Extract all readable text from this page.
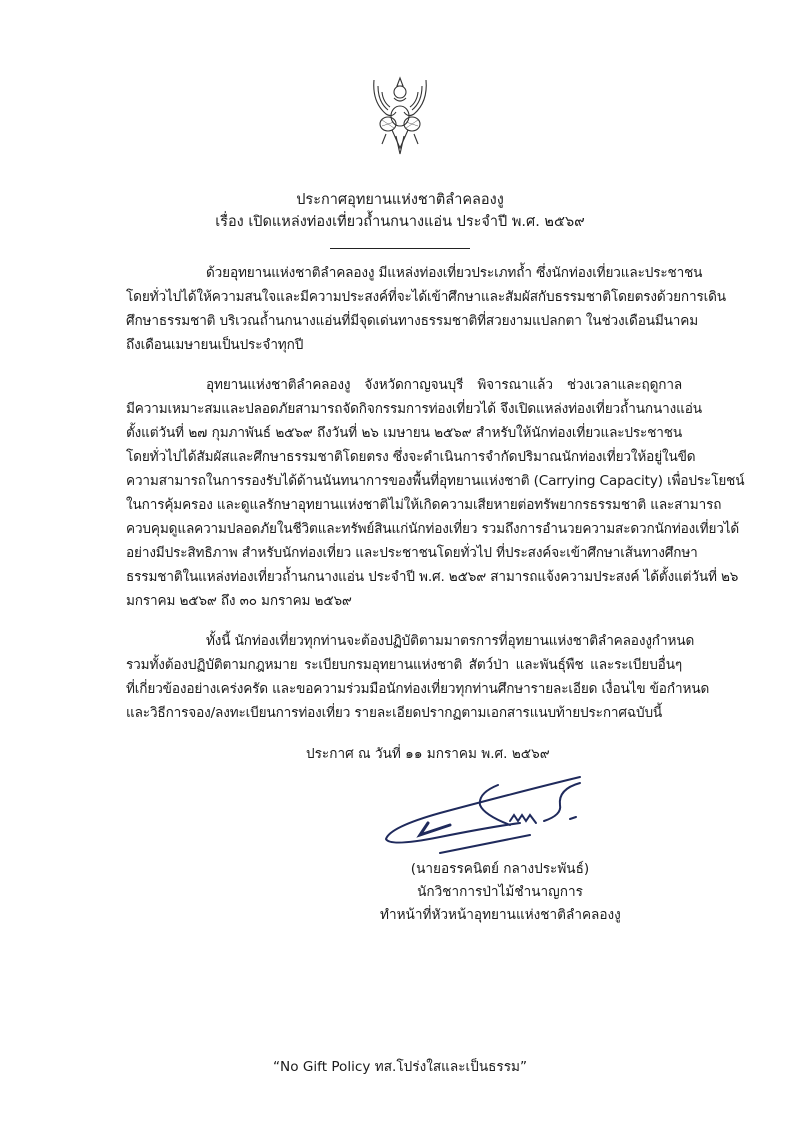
ประกาศอุทยานแห่งชาติลำคลองงู
เรื่อง เปิดแหล่งท่องเที่ยวถ้ำนกนางแอ่น ประจำปี พ.ศ. ๒๕๖๙
ด้วยอุทยานแห่งชาติลำคลองงู มีแหล่งท่องเที่ยวประเภทถ้ำ ซึ่งนักท่องเที่ยวและประชาชน
โดยทั่วไปได้ให้ความสนใจและมีความประสงค์ที่จะได้เข้าศึกษาและสัมผัสกับธรรมชาติโดยตรงด้วยการเดิน
ศึกษาธรรมชาติ บริเวณถ้ำนกนางแอ่นที่มีจุดเด่นทางธรรมชาติที่สวยงามแปลกตา ในช่วงเดือนมีนาคม
ถึงเดือนเมษายนเป็นประจำทุกปี
อุทยานแห่งชาติลำคลองงู จังหวัดกาญจนบุรี พิจารณาแล้ว ช่วงเวลาและฤดูกาล
มีความเหมาะสมและปลอดภัยสามารถจัดกิจกรรมการท่องเที่ยวได้ จึงเปิดแหล่งท่องเที่ยวถ้ำนกนางแอ่น
ตั้งแต่วันที่ ๒๗ กุมภาพันธ์ ๒๕๖๙ ถึงวันที่ ๒๖ เมษายน ๒๕๖๙ สำหรับให้นักท่องเที่ยวและประชาชน
โดยทั่วไปได้สัมผัสและศึกษาธรรมชาติโดยตรง ซึ่งจะดำเนินการจำกัดปริมาณนักท่องเที่ยวให้อยู่ในขีด
ความสามารถในการรองรับได้ด้านนันทนาการของพื้นที่อุทยานแห่งชาติ (Carrying Capacity) เพื่อประโยชน์
ในการคุ้มครอง และดูแลรักษาอุทยานแห่งชาติไม่ให้เกิดความเสียหายต่อทรัพยากรธรรมชาติ และสามารถ
ควบคุมดูแลความปลอดภัยในชีวิตและทรัพย์สินแก่นักท่องเที่ยว รวมถึงการอำนวยความสะดวกนักท่องเที่ยวได้
อย่างมีประสิทธิภาพ สำหรับนักท่องเที่ยว และประชาชนโดยทั่วไป ที่ประสงค์จะเข้าศึกษาเส้นทางศึกษา
ธรรมชาติในแหล่งท่องเที่ยวถ้ำนกนางแอ่น ประจำปี พ.ศ. ๒๕๖๙ สามารถแจ้งความประสงค์ ได้ตั้งแต่วันที่ ๒๖
มกราคม ๒๕๖๙ ถึง ๓๐ มกราคม ๒๕๖๙
ทั้งนี้ นักท่องเที่ยวทุกท่านจะต้องปฏิบัติตามมาตรการที่อุทยานแห่งชาติลำคลองงูกำหนด
รวมทั้งต้องปฏิบัติตามกฎหมาย ระเบียบกรมอุทยานแห่งชาติ สัตว์ป่า และพันธุ์พืช และระเบียบอื่นๆ
ที่เกี่ยวข้องอย่างเคร่งครัด และขอความร่วมมือนักท่องเที่ยวทุกท่านศึกษารายละเอียด เงื่อนไข ข้อกำหนด
และวิธีการจอง/ลงทะเบียนการท่องเที่ยว รายละเอียดปรากฏตามเอกสารแนบท้ายประกาศฉบับนี้
ประกาศ ณ วันที่ ๑๑ มกราคม พ.ศ. ๒๕๖๙
(นายอรรคนิตย์ กลางประพันธ์)
นักวิชาการป่าไม้ชำนาญการ
ทำหน้าที่หัวหน้าอุทยานแห่งชาติลำคลองงู
“No Gift Policy ทส.โปร่งใสและเป็นธรรม”
